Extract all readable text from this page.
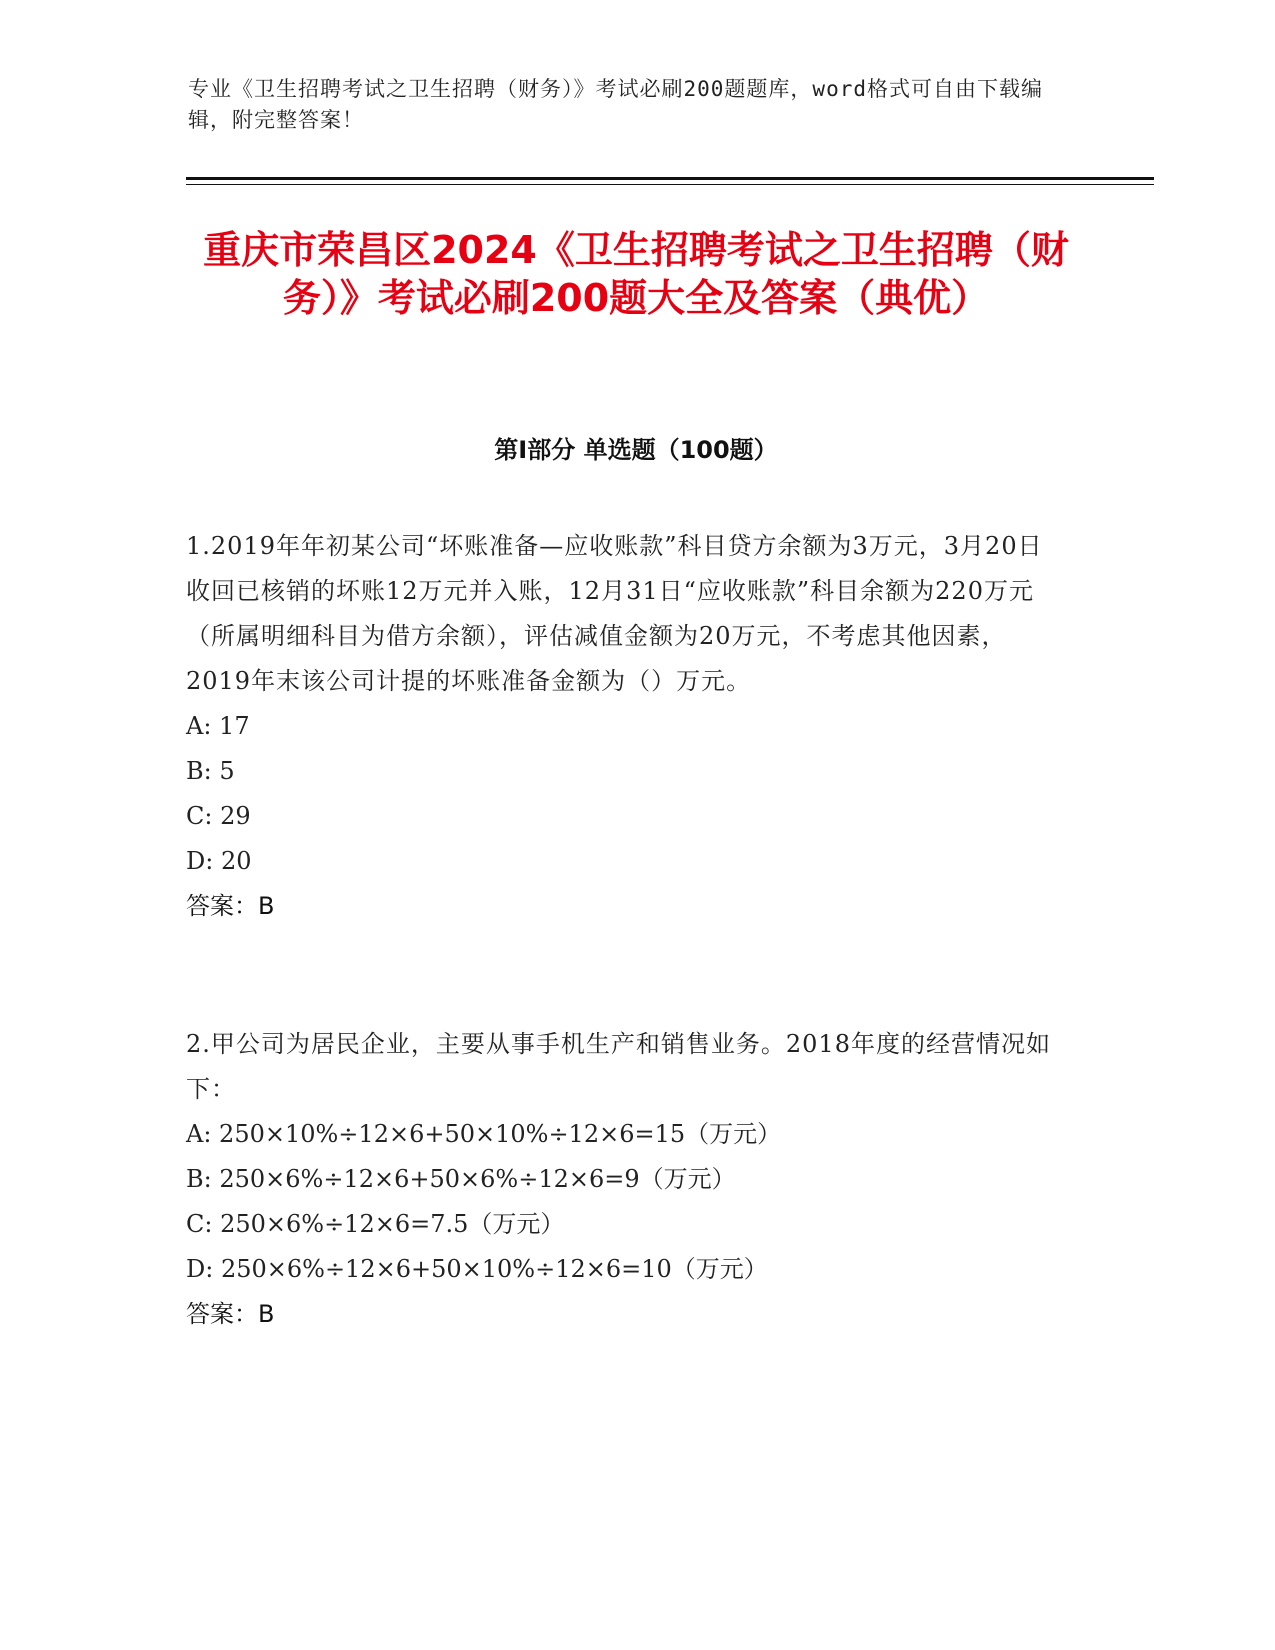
专业《卫生招聘考试之卫生招聘（财务）》考试必刷200题题库，word格式可自由下载编辑，附完整答案！
重庆市荣昌区2024《卫生招聘考试之卫生招聘（财务）》考试必刷200题大全及答案（典优）
第I部分 单选题（100题）

1.2019年年初某公司“坏账准备—应收账款”科目贷方余额为3万元，3月20日收回已核销的坏账12万元并入账，12月31日“应收账款”科目余额为220万元（所属明细科目为借方余额），评估减值金额为20万元，不考虑其他因素，2019年末该公司计提的坏账准备金额为（）万元。

A: 17

B: 5

C: 29

D: 20

答案：B

2.甲公司为居民企业，主要从事手机生产和销售业务。2018年度的经营情况如下：

A: 250×10%÷12×6+50×10%÷12×6=15（万元）

B: 250×6%÷12×6+50×6%÷12×6=9（万元）

C: 250×6%÷12×6=7.5（万元）

D: 250×6%÷12×6+50×10%÷12×6=10（万元）

答案：B
